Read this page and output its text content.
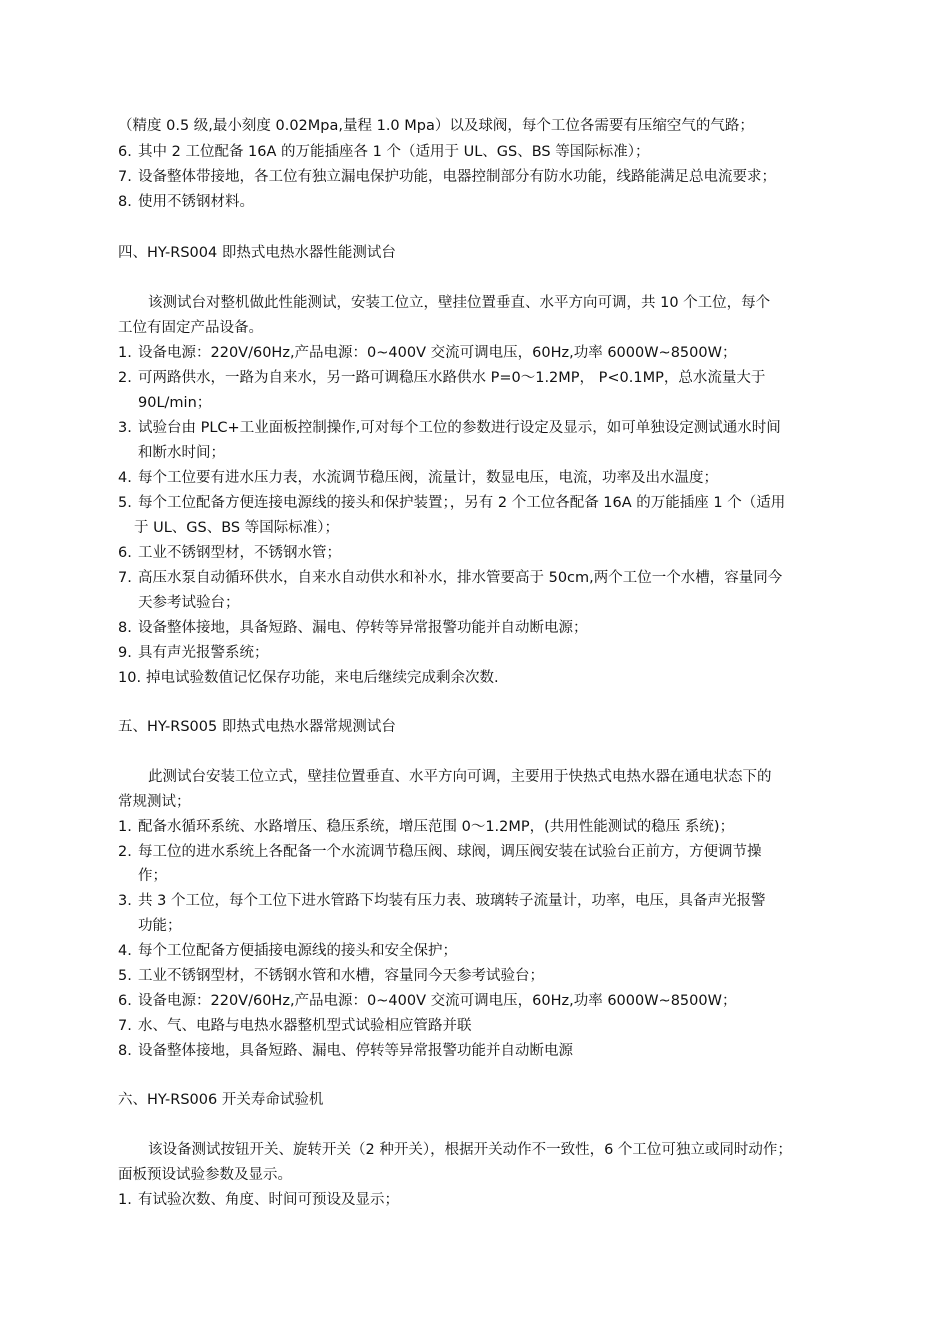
（精度 0.5 级,最小刻度 0.02Mpa,量程 1.0 Mpa）以及球阀，每个工位各需要有压缩空气的气路；
6. 其中 2 工位配备 16A 的万能插座各 1 个（适用于 UL、GS、BS 等国际标准）；
7. 设备整体带接地，各工位有独立漏电保护功能，电器控制部分有防水功能，线路能满足总电流要求；
8. 使用不锈钢材料。
四、HY-RS004 即热式电热水器性能测试台
该测试台对整机做此性能测试，安装工位立，壁挂位置垂直、水平方向可调，共 10 个工位，每个
工位有固定产品设备。
1. 设备电源：220V/60Hz,产品电源：0~400V 交流可调电压，60Hz,功率 6000W~8500W；
2. 可两路供水，一路为自来水，另一路可调稳压水路供水 P=0～1.2MP， P<0.1MP，总水流量大于
90L/min；
3. 试验台由 PLC+工业面板控制操作,可对每个工位的参数进行设定及显示，如可单独设定测试通水时间
和断水时间；
4. 每个工位要有进水压力表，水流调节稳压阀，流量计，数显电压，电流，功率及出水温度；
5. 每个工位配备方便连接电源线的接头和保护装置；，另有 2 个工位各配备 16A 的万能插座 1 个（适用
于 UL、GS、BS 等国际标准）；
6. 工业不锈钢型材，不锈钢水管；
7. 高压水泵自动循环供水，自来水自动供水和补水，排水管要高于 50cm,两个工位一个水槽，容量同今
天参考试验台；
8. 设备整体接地，具备短路、漏电、停转等异常报警功能并自动断电源；
9. 具有声光报警系统；
10. 掉电试验数值记忆保存功能，来电后继续完成剩余次数.
五、HY-RS005 即热式电热水器常规测试台
此测试台安装工位立式，壁挂位置垂直、水平方向可调，主要用于快热式电热水器在通电状态下的
常规测试；
1. 配备水循环系统、水路增压、稳压系统，增压范围 0～1.2MP，(共用性能测试的稳压 系统)；
2. 每工位的进水系统上各配备一个水流调节稳压阀、球阀，调压阀安装在试验台正前方，方便调节操
作；
3. 共 3 个工位，每个工位下进水管路下均装有压力表、玻璃转子流量计，功率，电压，具备声光报警
功能；
4. 每个工位配备方便插接电源线的接头和安全保护；
5. 工业不锈钢型材，不锈钢水管和水槽，容量同今天参考试验台；
6. 设备电源：220V/60Hz,产品电源：0~400V 交流可调电压，60Hz,功率 6000W~8500W；
7. 水、气、电路与电热水器整机型式试验相应管路并联
8. 设备整体接地，具备短路、漏电、停转等异常报警功能并自动断电源
六、HY-RS006 开关寿命试验机
该设备测试按钮开关、旋转开关（2 种开关），根据开关动作不一致性，6 个工位可独立或同时动作；
面板预设试验参数及显示。
1. 有试验次数、角度、时间可预设及显示；
